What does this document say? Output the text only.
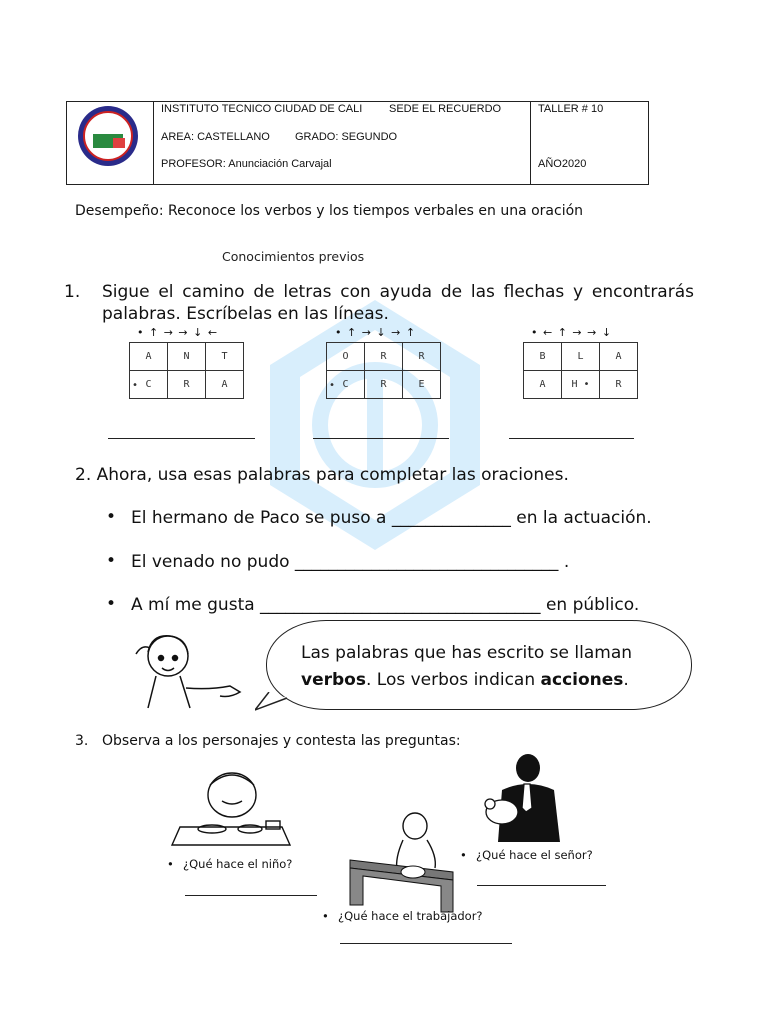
INSTITUTO TECNICO CIUDAD DE CALI SEDE EL RECUERDO
AREA: CASTELLANO GRADO: SEGUNDO
PROFESOR: Anunciación Carvajal
TALLER # 10
AÑO2020
Desempeño: Reconoce los verbos y los tiempos verbales en una oración
Conocimientos previos
1. Sigue el camino de letras con ayuda de las flechas y encontrarás palabras. Escríbelas en las líneas.
• ↑ → → ↓ ←
A	N	T

• C	R	A
• ↑ → ↓ → ↑
O	R	R

• C	R	E
• ← ↑ → → ↓
B	L	A
A	H •	R
2. Ahora, usa esas palabras para completar las oraciones.
• El hermano de Paco se puso a ______________ en la actuación.
• El venado no pudo _______________________________ .
• A mí me gusta _________________________________ en público.
Las palabras que has escrito se llaman verbos. Los verbos indican acciones.
3. Observa a los personajes y contesta las preguntas:
• ¿Qué hace el niño?
• ¿Qué hace el trabajador?
• ¿Qué hace el señor?
